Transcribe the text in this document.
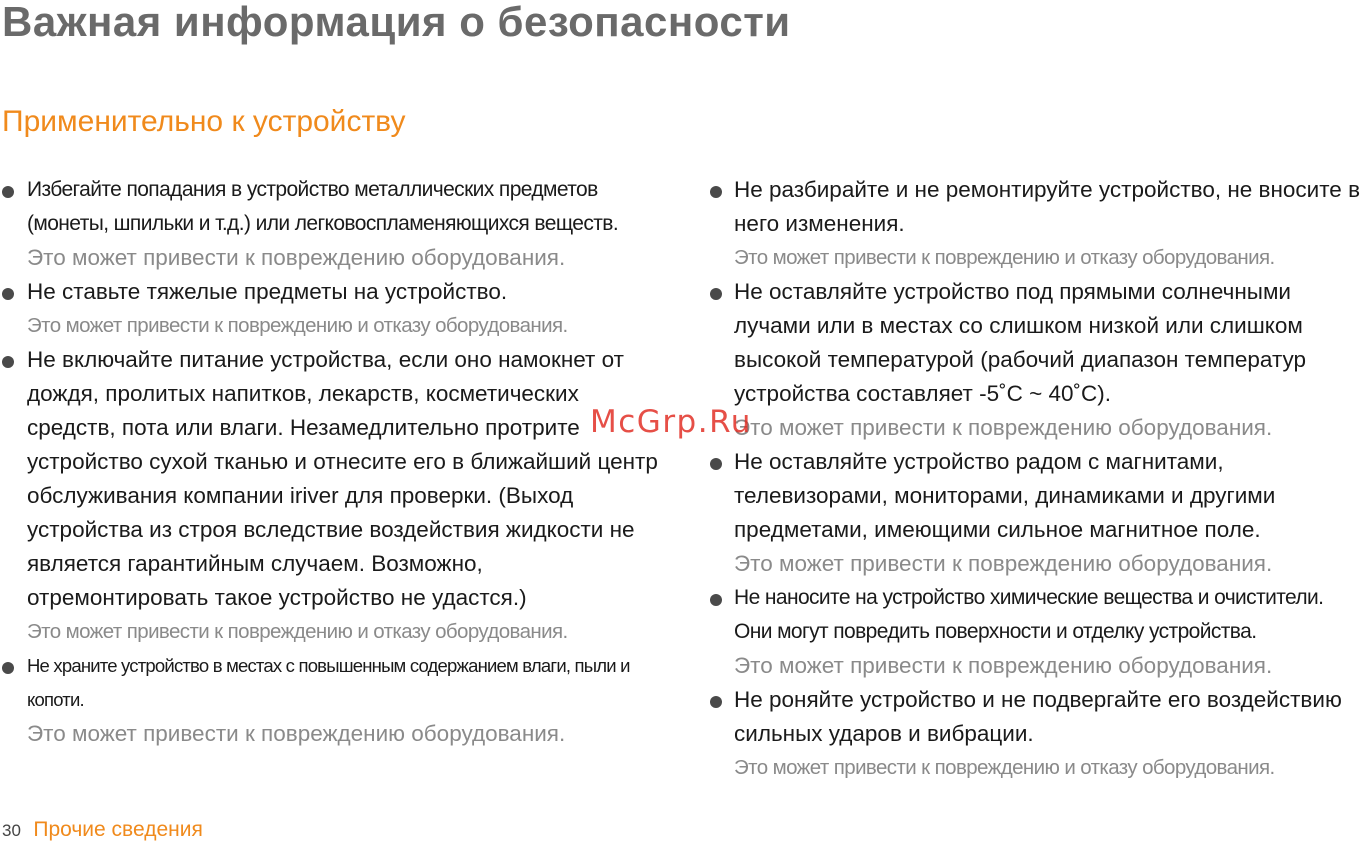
Важная информация о безопасности
Применительно к устройству
Избегайте попадания в устройство металлических предметов (монеты, шпильки и т.д.) или легковоспламеняющихся веществ.
Это может привести к повреждению оборудования.
Не ставьте тяжелые предметы на устройство.
Это может привести к повреждению и отказу оборудования.
Не включайте питание устройства, если оно намокнет от дождя, пролитых напитков, лекарств, косметических средств, пота или влаги. Незамедлительно протрите устройство сухой тканью и отнесите его в ближайший центр обслуживания компании iriver для проверки. (Выход устройства из строя вследствие воздействия жидкости не является гарантийным случаем. Возможно, отремонтировать такое устройство не удастся.)
Это может привести к повреждению и отказу оборудования.
Не храните устройство в местах с повышенным содержанием влаги, пыли и копоти.
Это может привести к повреждению оборудования.
Не разбирайте и не ремонтируйте устройство, не вносите в него изменения.
Это может привести к повреждению и отказу оборудования.
Не оставляйте устройство под прямыми солнечными лучами или в местах со слишком низкой или слишком высокой температурой (рабочий диапазон температур устройства составляет -5˚C ~ 40˚C).
Это может привести к повреждению оборудования.
Не оставляйте устройство радом с магнитами, телевизорами, мониторами, динамиками и другими предметами, имеющими сильное магнитное поле.
Это может привести к повреждению оборудования.
Не наносите на устройство химические вещества и очистители. Они могут повредить поверхности и отделку устройства.
Это может привести к повреждению оборудования.
Не роняйте устройство и не подвергайте его воздействию сильных ударов и вибрации.
Это может привести к повреждению и отказу оборудования.
McGrp.Ru
30 Прочие сведения
